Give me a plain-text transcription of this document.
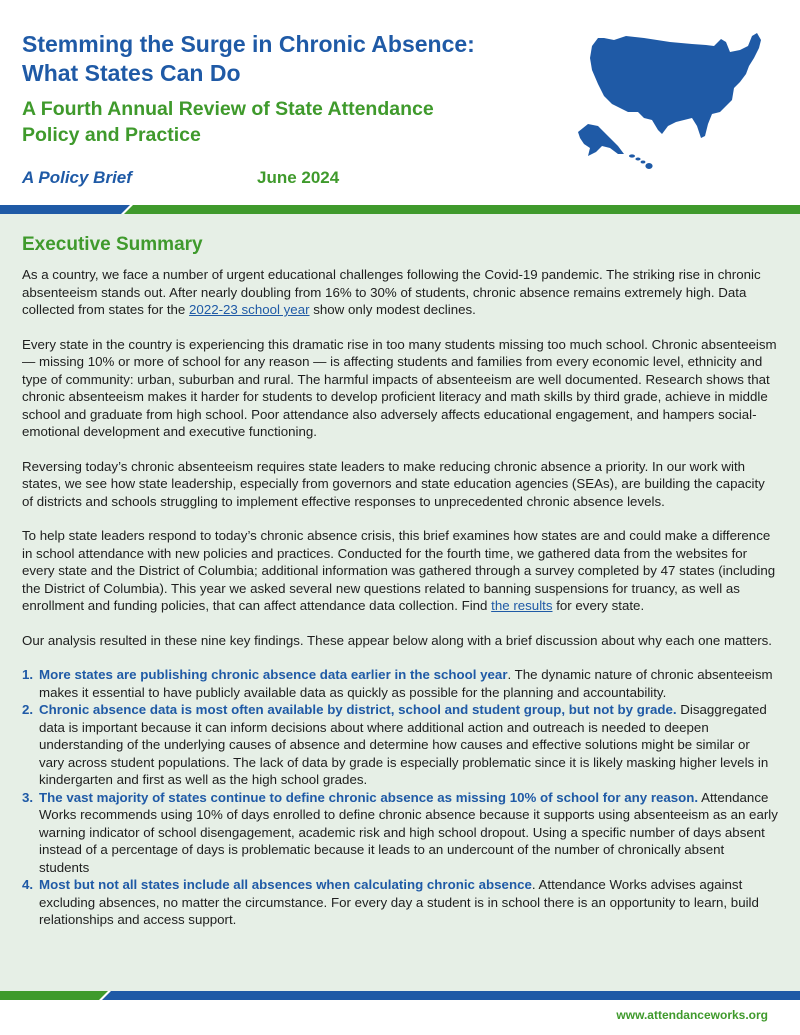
Stemming the Surge in Chronic Absence:
What States Can Do
A Fourth Annual Review of State Attendance
Policy and Practice
A Policy Brief	June 2024
Executive Summary

As a country, we face a number of urgent educational challenges following the Covid-19 pandemic. The striking rise in chronic absenteeism stands out. After nearly doubling from 16% to 30% of students, chronic absence remains extremely high. Data collected from states for the 2022-23 school year show only modest declines.

Every state in the country is experiencing this dramatic rise in too many students missing too much school. Chronic absenteeism — missing 10% or more of school for any reason — is affecting students and families from every economic level, ethnicity and type of community: urban, suburban and rural. The harmful impacts of absenteeism are well documented. Research shows that chronic absenteeism makes it harder for students to develop proficient literacy and math skills by third grade, achieve in middle school and graduate from high school. Poor attendance also adversely affects educational engagement, and hampers social-emotional development and executive functioning.

Reversing today’s chronic absenteeism requires state leaders to make reducing chronic absence a priority. In our work with states, we see how state leadership, especially from governors and state education agencies (SEAs), are building the capacity of districts and schools struggling to implement effective responses to unprecedented chronic absence levels.

To help state leaders respond to today’s chronic absence crisis, this brief examines how states are and could make a difference in school attendance with new policies and practices. Conducted for the fourth time, we gathered data from the websites for every state and the District of Columbia; additional information was gathered through a survey completed by 47 states (including the District of Columbia). This year we asked several new questions related to banning suspensions for truancy, as well as enrollment and funding policies, that can affect attendance data collection. Find the results for every state.

Our analysis resulted in these nine key findings. These appear below along with a brief discussion about why each one matters.

1. More states are publishing chronic absence data earlier in the school year. The dynamic nature of chronic absenteeism makes it essential to have publicly available data as quickly as possible for the planning and accountability.
2. Chronic absence data is most often available by district, school and student group, but not by grade. Disaggregated data is important because it can inform decisions about where additional action and outreach is needed to deepen understanding of the underlying causes of absence and determine how causes and effective solutions might be similar or vary across student populations. The lack of data by grade is especially problematic since it is likely masking higher levels in kindergarten and first as well as the high school grades.
3. The vast majority of states continue to define chronic absence as missing 10% of school for any reason. Attendance Works recommends using 10% of days enrolled to define chronic absence because it supports using absenteeism as an early warning indicator of school disengagement, academic risk and high school dropout. Using a specific number of days absent instead of a percentage of days is problematic because it leads to an undercount of the number of chronically absent students
4. Most but not all states include all absences when calculating chronic absence. Attendance Works advises against excluding absences, no matter the circumstance. For every day a student is in school there is an opportunity to learn, build relationships and access support.
www.attendanceworks.org
